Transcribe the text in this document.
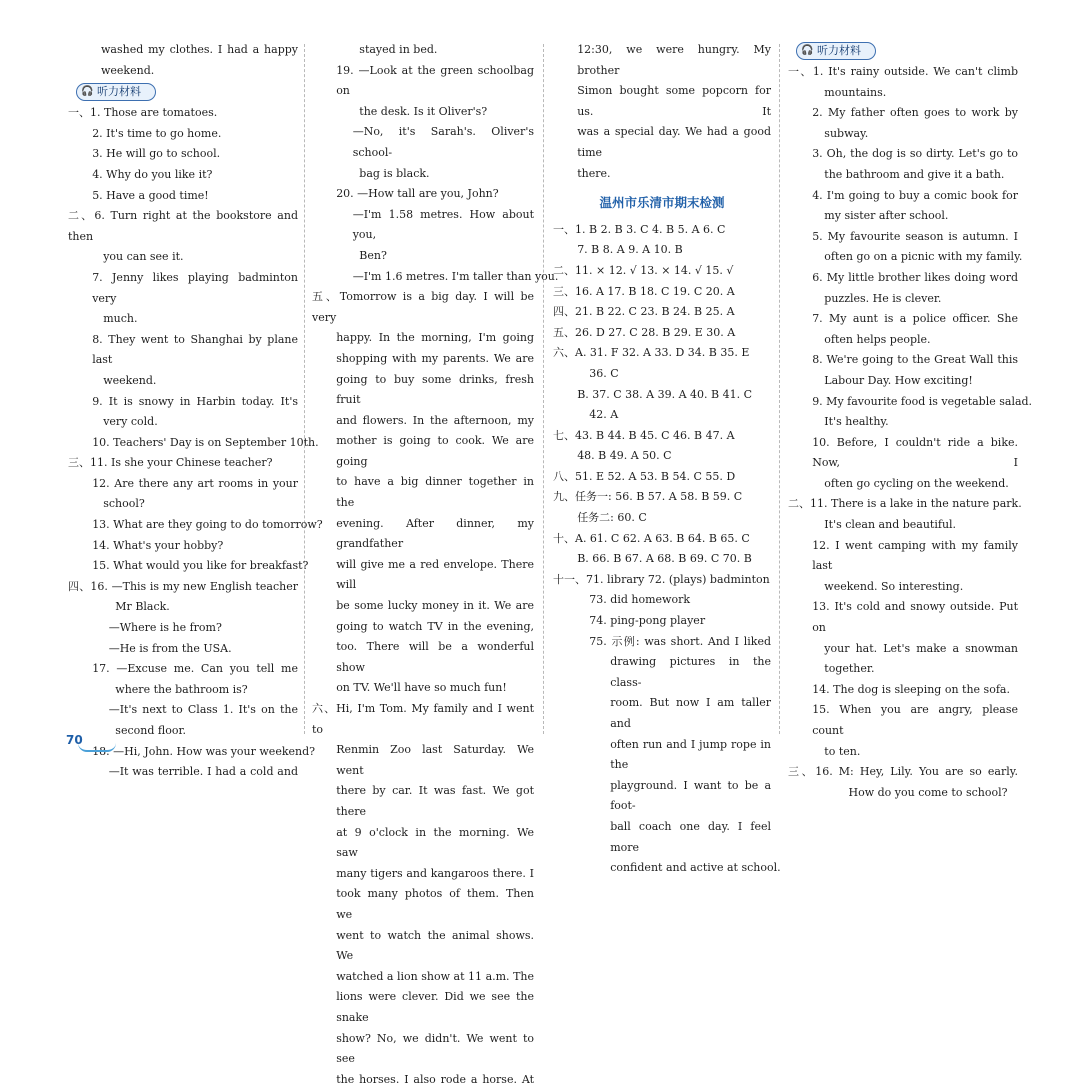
washed my clothes. I had a happy
weekend.
🎧 听力材料
一、1. Those are tomatoes.
2. It's time to go home.
3. He will go to school.
4. Why do you like it?
5. Have a good time!
二、6. Turn right at the bookstore and then
you can see it.
7. Jenny likes playing badminton very
much.
8. They went to Shanghai by plane last
weekend.
9. It is snowy in Harbin today. It's
very cold.
10. Teachers' Day is on September 10th.
三、11. Is she your Chinese teacher?
12. Are there any art rooms in your
school?
13. What are they going to do tomorrow?
14. What's your hobby?
15. What would you like for breakfast?
四、16. —This is my new English teacher
Mr Black.
—Where is he from?
—He is from the USA.
17. —Excuse me. Can you tell me
where the bathroom is?
—It's next to Class 1. It's on the
second floor.
18. —Hi, John. How was your weekend?
—It was terrible. I had a cold and
stayed in bed.
19. —Look at the green schoolbag on
the desk. Is it Oliver's?
—No, it's Sarah's. Oliver's school-
bag is black.
20. —How tall are you, John?
—I'm 1.58 metres. How about you,
Ben?
—I'm 1.6 metres. I'm taller than you.
五、Tomorrow is a big day. I will be very
happy. In the morning, I'm going
shopping with my parents. We are
going to buy some drinks, fresh fruit
and flowers. In the afternoon, my
mother is going to cook. We are going
to have a big dinner together in the
evening. After dinner, my grandfather
will give me a red envelope. There will
be some lucky money in it. We are
going to watch TV in the evening,
too. There will be a wonderful show
on TV. We'll have so much fun!
六、Hi, I'm Tom. My family and I went to
Renmin Zoo last Saturday. We went
there by car. It was fast. We got there
at 9 o'clock in the morning. We saw
many tigers and kangaroos there. I
took many photos of them. Then we
went to watch the animal shows. We
watched a lion show at 11 a.m. The
lions were clever. Did we see the snake
show? No, we didn't. We went to see
the horses. I also rode a horse. At
12:30, we were hungry. My brother
Simon bought some popcorn for us. It
was a special day. We had a good time
there.
温州市乐清市期末检测
一、1. B 2. B 3. C 4. B 5. A 6. C
7. B 8. A 9. A 10. B
二、11. × 12. √ 13. × 14. √ 15. √
三、16. A 17. B 18. C 19. C 20. A
四、21. B 22. C 23. B 24. B 25. A
五、26. D 27. C 28. B 29. E 30. A
六、A. 31. F 32. A 33. D 34. B 35. E
36. C
B. 37. C 38. A 39. A 40. B 41. C
42. A
七、43. B 44. B 45. C 46. B 47. A
48. B 49. A 50. C
八、51. E 52. A 53. B 54. C 55. D
九、任务一: 56. B 57. A 58. B 59. C
任务二: 60. C
十、A. 61. C 62. A 63. B 64. B 65. C
B. 66. B 67. A 68. B 69. C 70. B
十一、71. library 72. (plays) badminton
73. did homework
74. ping-pong player
75. 示例: was short. And I liked
drawing pictures in the class-
room. But now I am taller and
often run and I jump rope in the
playground. I want to be a foot-
ball coach one day. I feel more
confident and active at school.
🎧 听力材料
一、1. It's rainy outside. We can't climb
mountains.
2. My father often goes to work by
subway.
3. Oh, the dog is so dirty. Let's go to
the bathroom and give it a bath.
4. I'm going to buy a comic book for
my sister after school.
5. My favourite season is autumn. I
often go on a picnic with my family.
6. My little brother likes doing word
puzzles. He is clever.
7. My aunt is a police officer. She
often helps people.
8. We're going to the Great Wall this
Labour Day. How exciting!
9. My favourite food is vegetable salad.
It's healthy.
10. Before, I couldn't ride a bike. Now, I
often go cycling on the weekend.
二、11. There is a lake in the nature park.
It's clean and beautiful.
12. I went camping with my family last
weekend. So interesting.
13. It's cold and snowy outside. Put on
your hat. Let's make a snowman
together.
14. The dog is sleeping on the sofa.
15. When you are angry, please count
to ten.
三、16. M: Hey, Lily. You are so early.
How do you come to school?
70
